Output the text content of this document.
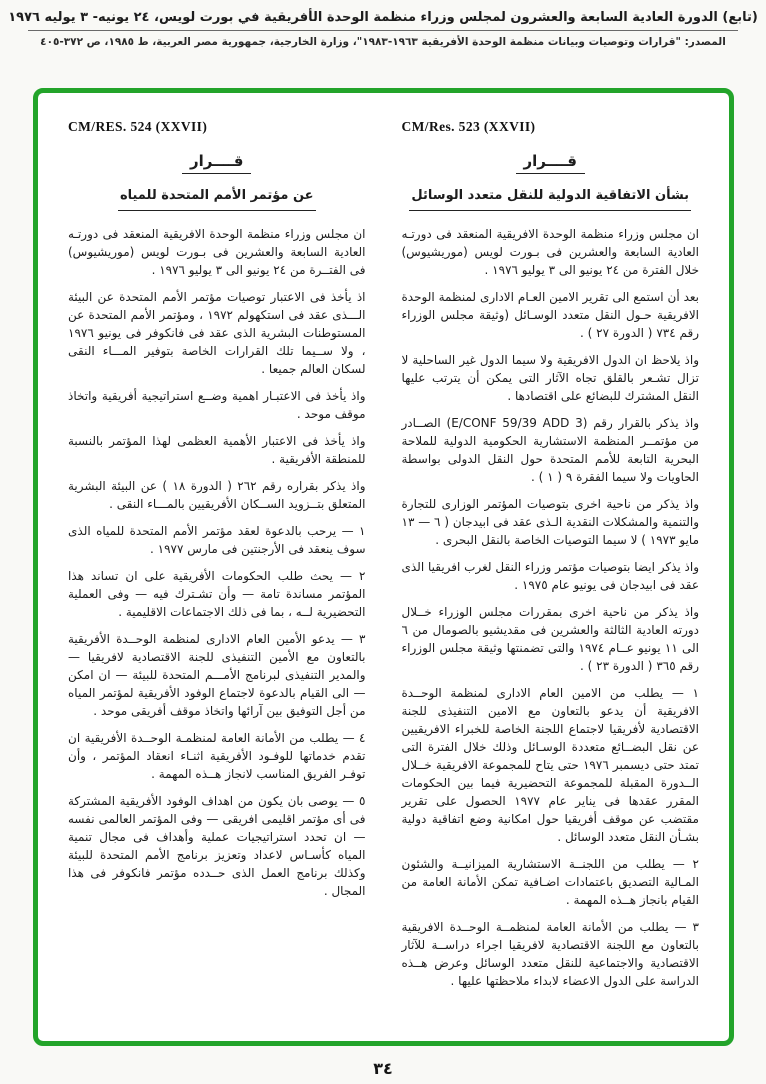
(تابع) الدورة العادية السابعة والعشرون لمجلس وزراء منظمة الوحدة الأفريقية في بورت لويس، ٢٤ يونيه- ٣ يوليه ١٩٧٦
المصدر: "قرارات وتوصيات وبيانات منظمة الوحدة الأفريقية ١٩٦٣-١٩٨٣"، وزارة الخارجية، جمهورية مصر العربية، ط ١٩٨٥، ص ٣٧٢-٤٠٥
CM/Res. 523 (XXVII)
قــــرار
بشأن الاتفاقية الدولية للنقل متعدد الوسائل

ان مجلس وزراء منظمة الوحدة الافريقية المنعقد فى دورتـه العادية السابعة والعشرين فى بـورت لويس (موريشيوس) خلال الفترة من ٢٤ يونيو الى ٣ يوليو ١٩٧٦ .

بعد أن استمع الى تقرير الامين العـام الادارى لمنظمة الوحدة الافريقية حـول النقل متعدد الوسـائل (وثيقة مجلس الوزراء رقم ٧٣٤ ( الدورة ٢٧ ) .

واذ يلاحظ ان الدول الافريقية ولا سيما الدول غير الساحلية لا تزال تشـعر بالقلق تجاه الآثار التى يمكن أن يترتب عليها النقل المشترك للبضائع على اقتصادها .

واذ يذكر بالقرار رقم (E/CONF 59/39 ADD 3) الصــادر من مؤتمــر المنظمة الاستشارية الحكومية الدولية للملاحة البحرية التابعة للأمم المتحدة حول النقل الدولى بواسطة الحاويات ولا سيما الفقرة ٩ ( ١ ) .

واذ يذكر من ناحية اخرى بتوصيات المؤتمر الوزارى للتجارة والتنمية والمشكلات النقدية الـذى عقد فى ابيدجان ( ٦ — ١٣ مايو ١٩٧٣ ) لا سيما التوصيات الخاصة بالنقل البحرى .

واذ يذكر ايضا بتوصيات مؤتمر وزراء النقل لغرب افريقيا الذى عقد فى ابيدجان فى يونيو عام ١٩٧٥ .

واذ يذكر من ناحية اخرى بمقررات مجلس الوزراء خــلال دورته العادية الثالثة والعشرين فى مقديشيو بالصومال من ٦ الى ١١ يونيو عــام ١٩٧٤ والتى تضمنتها وثيقة مجلس الوزراء رقم ٣٦٥ ( الدورة ٢٣ ) .

١ — يطلب من الامين العام الادارى لمنظمة الوحــدة الافريقية أن يدعو بالتعاون مع الامين التنفيذى للجنة الاقتصادية لأفريقيا لاجتماع اللجنة الخاصة للخبراء الافريقيين عن نقل البضــائع متعددة الوسـائل وذلك خلال الفترة التى تمتد حتى ديسمبر ١٩٧٦ حتى يتاح للمجموعة الافريقية خــلال الــدورة المقبلة للمجموعة التحضيرية فيما بين الحكومات المقرر عقدها فى يناير عام ١٩٧٧ الحصول على تقرير مقتضب عن موقف أفريقيا حول امكانية وضع اتفاقية دولية بشـأن النقل متعدد الوسائل .

٢ — يطلب من اللجنــة الاستشارية الميزانيــة والشئون المـالية التصديق باعتمادات اضـافية تمكن الأمانة العامة من القيام بانجاز هــذه المهمة .

٣ — يطلب من الأمانة العامة لمنظمــة الوحــدة الافريقية بالتعاون مع اللجنة الاقتصادية لافريقيا اجراء دراســة للآثار الاقتصادية والاجتماعية للنقل متعدد الوسائل وعرض هــذه الدراسة على الدول الاعضاء لابداء ملاحظتها عليها .

CM/RES. 524 (XXVII)
قــــرار
عن مؤتمر الأمم المتحدة للمياه

ان مجلس وزراء منظمة الوحدة الافريقية المنعقد فى دورتـه العادية السابعة والعشرين فى بـورت لويس (موريشيوس) فى الفتــرة من ٢٤ يونيو الى ٣ يوليو ١٩٧٦ .

اذ يأخذ فى الاعتبار توصيات مؤتمر الأمم المتحدة عن البيئة الـــذى عقد فى استكهولم ١٩٧٢ ، ومؤتمر الأمم المتحدة عن المستوطنات البشرية الذى عقد فى فانكوفر فى يونيو ١٩٧٦ ، ولا ســيما تلك القرارات الخاصة بتوفير المـــاء النقى لسكان العالم جميعا .

واذ يأخذ فى الاعتبـار اهمية وضــع استراتيجية أفريقية واتخاذ موقف موحد .

واذ يأخذ فى الاعتبار الأهمية العظمى لهذا المؤتمر بالنسبة للمنطقة الأفريقية .

واذ يذكر بقراره رقم ٢٦٢ ( الدورة ١٨ ) عن البيئة البشرية المتعلق بتــزويد الســكان الأفريقيين بالمـــاء النقى .

١ — يرحب بالدعوة لعقد مؤتمر الأمم المتحدة للمياه الذى سوف ينعقد فى الأرجنتين فى مارس ١٩٧٧ .

٢ — يحث طلب الحكومات الأفريقية على ان تساند هذا المؤتمر مساندة تامة — وأن تشـترك فيه — وفى العملية التحضيرية لــه ، بما فى ذلك الاجتماعات الاقليمية .

٣ — يدعو الأمين العام الادارى لمنظمة الوحــدة الأفريقية بالتعاون مع الأمين التنفيذى للجنة الاقتصادية لافريقيا — والمدير التنفيذى لبرنامج الأمـــم المتحدة للبيئة — ان امكن — الى القيام بالدعوة لاجتماع الوفود الأفريقية لمؤتمر المياه من أجل التوفيق بين آرائها واتخاذ موقف أفريقى موحد .

٤ — يطلب من الأمانة العامة لمنظمـة الوحــدة الأفريقية ان تقدم خدماتها للوفـود الأفريقية اثنـاء انعقاد المؤتمر ، وأن توفـر الفريق المناسب لانجاز هــذه المهمة .

٥ — يوصى بان يكون من اهداف الوفود الأفريقية المشتركة فى أى مؤتمر اقليمى افريقى — وفى المؤتمر العالمى نفسه — ان تحدد استراتيجيات عملية وأهداف فى مجال تنمية المياه كأسـاس لاعداد وتعزيز برنامج الأمم المتحدة للبيئة وكذلك برنامج العمل الذى حــدده مؤتمر فانكوفر فى هذا المجال .

٣٤
